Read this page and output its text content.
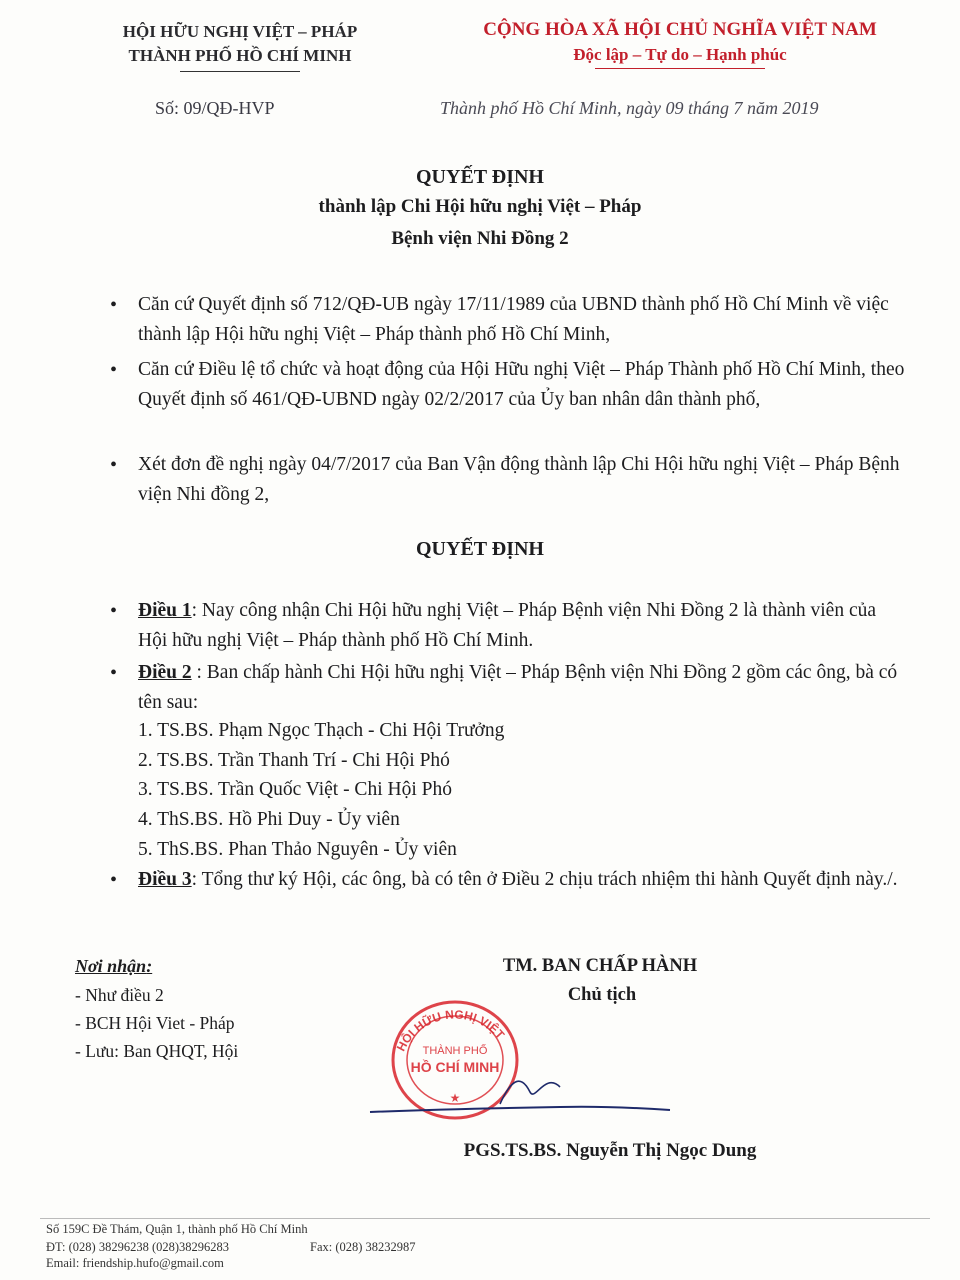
HỘI HỮU NGHỊ VIỆT – PHÁP
THÀNH PHỐ HỒ CHÍ MINH
CỘNG HÒA XÃ HỘI CHỦ NGHĨA VIỆT NAM
Độc lập – Tự do – Hạnh phúc
Số: 09/QĐ-HVP	Thành phố Hồ Chí Minh, ngày 09 tháng 7 năm 2019
QUYẾT ĐỊNH
thành lập Chi Hội hữu nghị Việt – Pháp
Bệnh viện Nhi Đồng 2
• Căn cứ Quyết định số 712/QĐ-UB ngày 17/11/1989 của UBND thành phố Hồ Chí Minh về việc thành lập Hội hữu nghị Việt – Pháp thành phố Hồ Chí Minh,
• Căn cứ Điều lệ tổ chức và hoạt động của Hội Hữu nghị Việt – Pháp Thành phố Hồ Chí Minh, theo Quyết định số 461/QĐ-UBND ngày 02/2/2017 của Ủy ban nhân dân thành phố,
• Xét đơn đề nghị ngày 04/7/2017 của Ban Vận động thành lập Chi Hội hữu nghị Việt – Pháp Bệnh viện Nhi đồng 2,
QUYẾT ĐỊNH
• Điều 1: Nay công nhận Chi Hội hữu nghị Việt – Pháp Bệnh viện Nhi Đồng 2 là thành viên của Hội hữu nghị Việt – Pháp thành phố Hồ Chí Minh.
• Điều 2 : Ban chấp hành Chi Hội hữu nghị Việt – Pháp Bệnh viện Nhi Đồng 2 gồm các ông, bà có tên sau:
1. TS.BS. Phạm Ngọc Thạch - Chi Hội Trưởng
2. TS.BS. Trần Thanh Trí - Chi Hội Phó
3. TS.BS. Trần Quốc Việt - Chi Hội Phó
4. ThS.BS. Hồ Phi Duy - Ủy viên
5. ThS.BS. Phan Thảo Nguyên - Ủy viên
• Điều 3: Tổng thư ký Hội, các ông, bà có tên ở Điều 2 chịu trách nhiệm thi hành Quyết định này./.
Nơi nhận:
- Như điều 2
- BCH Hội Viet - Pháp
- Lưu: Ban QHQT, Hội
TM. BAN CHẤP HÀNH
Chủ tịch
HỘI HỮU NGHỊ VIỆT
THÀNH PHỐ
HỒ CHÍ MINH
★
PGS.TS.BS. Nguyễn Thị Ngọc Dung
Số 159C Đề Thám, Quận 1, thành phố Hồ Chí Minh
ĐT: (028) 38296238 (028)38296283	Fax: (028) 38232987
Email: friendship.hufo@gmail.com
